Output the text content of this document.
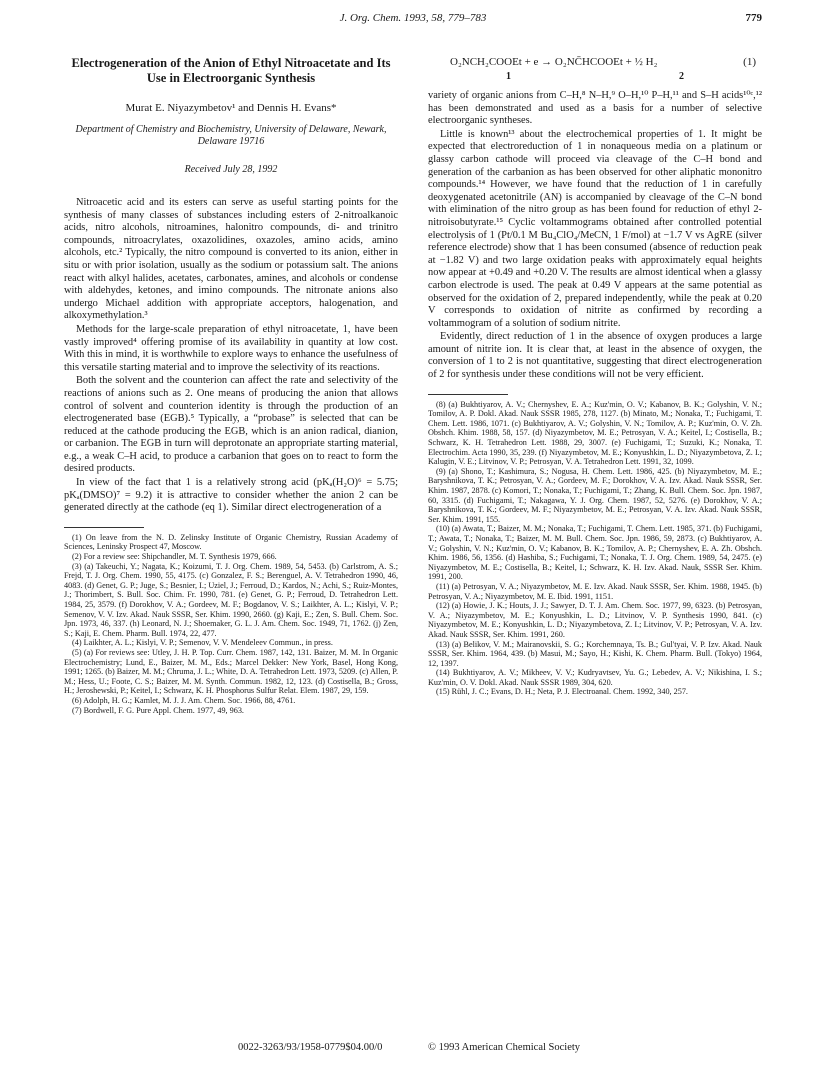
J. Org. Chem. 1993, 58, 779–783	779
Electrogeneration of the Anion of Ethyl Nitroacetate and Its Use in Electroorganic Synthesis
Murat E. Niyazymbetov¹ and Dennis H. Evans*
Department of Chemistry and Biochemistry, University of Delaware, Newark, Delaware 19716
Received July 28, 1992

Nitroacetic acid and its esters can serve as useful starting points for the synthesis of many classes of substances including esters of 2-nitroalkanoic acids, nitro alcohols, nitroamines, halonitro compounds, di- and trinitro compounds, nitroacrylates, oxazolidines, oxazoles, amino acids, amino alcohols, etc.² Typically, the nitro compound is converted to its anion, either in situ or with prior isolation, usually as the sodium or potassium salt. The anions react with alkyl halides, acetates, carbonates, amines, and alcohols or condense with aldehydes, ketones, and imino compounds. The nitronate anions also undergo Michael addition with appropriate acceptors, halogenation, and alkoxymethylation.³

Methods for the large-scale preparation of ethyl nitroacetate, 1, have been vastly improved⁴ offering promise of its availability in quantity at low cost. With this in mind, it is worthwhile to explore ways to enhance the usefulness of this versatile starting material and to improve the selectivity of its reactions.

Both the solvent and the counterion can affect the rate and selectivity of the reactions of anions such as 2. One means of producing the anion that allows control of solvent and counterion identity is through the production of an electrogenerated base (EGB).⁵ Typically, a “probase” is selected that can be reduced at the cathode producing the EGB, which is an anion radical, dianion, or carbanion. The EGB in turn will deprotonate an appropriate starting material, e.g., a weak C–H acid, to produce a carbanion that goes on to react to form the desired products.

In view of the fact that 1 is a relatively strong acid (pKₐ(H₂O)⁶ = 5.75; pKₐ(DMSO)⁷ = 9.2) it is attractive to consider whether the anion 2 can be generated directly at the cathode (eq 1). Similar direct electrogeneration of a

(1) On leave from the N. D. Zelinsky Institute of Organic Chemistry, Russian Academy of Sciences, Leninsky Prospect 47, Moscow.

(2) For a review see: Shipchandler, M. T. Synthesis 1979, 666.

(3) (a) Takeuchi, Y.; Nagata, K.; Koizumi, T. J. Org. Chem. 1989, 54, 5453. (b) Carlstrom, A. S.; Frejd, T. J. Org. Chem. 1990, 55, 4175. (c) Gonzalez, F. S.; Berenguel, A. V. Tetrahedron 1990, 46, 4083. (d) Genet, G. P.; Juge, S.; Besnier, I.; Uziel, J.; Ferroud, D.; Kardos, N.; Achi, S.; Ruiz-Montes, J.; Thorimbert, S. Bull. Soc. Chim. Fr. 1990, 781. (e) Genet, G. P.; Ferroud, D. Tetrahedron Lett. 1984, 25, 3579. (f) Dorokhov, V. A.; Gordeev, M. F.; Bogdanov, V. S.; Laikhter, A. L.; Kislyi, V. P.; Semenov, V. V. Izv. Akad. Nauk SSSR, Ser. Khim. 1990, 2660. (g) Kaji, E.; Zen, S. Bull. Chem. Soc. Jpn. 1973, 46, 337. (h) Leonard, N. J.; Shoemaker, G. L. J. Am. Chem. Soc. 1949, 71, 1762. (j) Zen, S.; Kaji, E. Chem. Pharm. Bull. 1974, 22, 477.

(4) Laikhter, A. L.; Kislyi, V. P.; Semenov, V. V. Mendeleev Commun., in press.

(5) (a) For reviews see: Utley, J. H. P. Top. Curr. Chem. 1987, 142, 131. Baizer, M. M. In Organic Electrochemistry; Lund, E., Baizer, M. M., Eds.; Marcel Dekker: New York, Basel, Hong Kong, 1991; 1265. (b) Baizer, M. M.; Chruma, J. L.; White, D. A. Tetrahedron Lett. 1973, 5209. (c) Allen, P. M.; Hess, U.; Foote, C. S.; Baizer, M. M. Synth. Commun. 1982, 12, 123. (d) Costisella, B.; Gross, H.; Jeroshewski, P.; Keitel, I.; Schwarz, K. H. Phosphorus Sulfur Relat. Elem. 1987, 29, 159.

(6) Adolph, H. G.; Kamlet, M. J. J. Am. Chem. Soc. 1966, 88, 4761.

(7) Bordwell, F. G. Pure Appl. Chem. 1977, 49, 963.

O₂NCH₂COOEt + e → O₂NC̄HCOOEt + ½ H₂	(1)
1	2

variety of organic anions from C–H,⁸ N–H,⁹ O–H,¹⁰ P–H,¹¹ and S–H acids¹⁰ᶜ,¹² has been demonstrated and used as a basis for a number of selective electroorganic syntheses.

Little is known¹³ about the electrochemical properties of 1. It might be expected that electroreduction of 1 in nonaqueous media on a platinum or glassy carbon cathode will proceed via cleavage of the C–H bond and generation of the carbanion as has been observed for other aliphatic mononitro compounds.¹⁴ However, we have found that the reduction of 1 in carefully deoxygenated acetonitrile (AN) is accompanied by cleavage of the C–N bond with elimination of the nitro group as has been found for reduction of ethyl 2-nitroisobutyrate.¹⁵ Cyclic voltammograms obtained after controlled potential electrolysis of 1 (Pt/0.1 M Bu₄ClO₄/MeCN, 1 F/mol) at −1.7 V vs AgRE (silver reference electrode) show that 1 has been consumed (absence of reduction peak at −1.82 V) and two large oxidation peaks with approximately equal heights now appear at +0.49 and +0.20 V. The results are almost identical when a glassy carbon electrode is used. The peak at 0.49 V appears at the same potential as observed for the oxidation of 2, prepared independently, while the peak at 0.20 V corresponds to oxidation of nitrite as confirmed by recording a voltammogram of a solution of sodium nitrite.

Evidently, direct reduction of 1 in the absence of oxygen produces a large amount of nitrite ion. It is clear that, at least in the absence of oxygen, the conversion of 1 to 2 is not quantitative, suggesting that direct electrogeneration of 2 for synthesis under these conditions will not be very efficient.

(8) (a) Bukhtiyarov, A. V.; Chernyshev, E. A.; Kuz'min, O. V.; Kabanov, B. K.; Golyshin, V. N.; Tomilov, A. P. Dokl. Akad. Nauk SSSR 1985, 278, 1127. (b) Minato, M.; Nonaka, T.; Fuchigami, T. Chem. Lett. 1986, 1071. (c) Bukhtiyarov, A. V.; Golyshin, V. N.; Tomilov, A. P.; Kuz'min, O. V. Zh. Obshch. Khim. 1988, 58, 157. (d) Niyazymbetov, M. E.; Petrosyan, V. A.; Keitel, I.; Costisella, B.; Schwarz, K. H. Tetrahedron Lett. 1988, 29, 3007. (e) Fuchigami, T.; Suzuki, K.; Nonaka, T. Electrochim. Acta 1990, 35, 239. (f) Niyazymbetov, M. E.; Konyushkin, L. D.; Niyazymbetova, Z. I.; Kalugin, V. E.; Litvinov, V. P.; Petrosyan, V. A. Tetrahedron Lett. 1991, 32, 1099.

(9) (a) Shono, T.; Kashimura, S.; Nogusa, H. Chem. Lett. 1986, 425. (b) Niyazymbetov, M. E.; Baryshnikova, T. K.; Petrosyan, V. A.; Gordeev, M. F.; Dorokhov, V. A. Izv. Akad. Nauk SSSR, Ser. Khim. 1987, 2878. (c) Komori, T.; Nonaka, T.; Fuchigami, T.; Zhang, K. Bull. Chem. Soc. Jpn. 1987, 60, 3315. (d) Fuchigami, T.; Nakagawa, Y. J. Org. Chem. 1987, 52, 5276. (e) Dorokhov, V. A.; Baryshnikova, T. K.; Gordeev, M. F.; Niyazymbetov, M. E.; Petrosyan, V. A. Izv. Akad. Nauk SSSR, Ser. Khim. 1991, 155.

(10) (a) Awata, T.; Baizer, M. M.; Nonaka, T.; Fuchigami, T. Chem. Lett. 1985, 371. (b) Fuchigami, T.; Awata, T.; Nonaka, T.; Baizer, M. M. Bull. Chem. Soc. Jpn. 1986, 59, 2873. (c) Bukhtiyarov, A. V.; Golyshin, V. N.; Kuz'min, O. V.; Kabanov, B. K.; Tomilov, A. P.; Chernyshev, E. A. Zh. Obshch. Khim. 1986, 56, 1356. (d) Hashiba, S.; Fuchigami, T.; Nonaka, T. J. Org. Chem. 1989, 54, 2475. (e) Niyazymbetov, M. E.; Costisella, B.; Keitel, I.; Schwarz, K. H. Izv. Akad. Nauk, SSSR Ser. Khim. 1991, 200.

(11) (a) Petrosyan, V. A.; Niyazymbetov, M. E. Izv. Akad. Nauk SSSR, Ser. Khim. 1988, 1945. (b) Petrosyan, V. A.; Niyazymbetov, M. E. Ibid. 1991, 1151.

(12) (a) Howie, J. K.; Houts, J. J.; Sawyer, D. T. J. Am. Chem. Soc. 1977, 99, 6323. (b) Petrosyan, V. A.; Niyazymbetov, M. E.; Konyushkin, L. D.; Litvinov, V. P. Synthesis 1990, 841. (c) Niyazymbetov, M. E.; Konyushkin, L. D.; Niyazymbetova, Z. I.; Litvinov, V. P.; Petrosyan, V. A. Izv. Akad. Nauk SSSR, Ser. Khim. 1991, 260.

(13) (a) Belikov, V. M.; Mairanovskii, S. G.; Korchemnaya, Ts. B.; Gul'tyai, V. P. Izv. Akad. Nauk SSSR, Ser. Khim. 1964, 439. (b) Masui, M.; Sayo, H.; Kishi, K. Chem. Pharm. Bull. (Tokyo) 1964, 12, 1397.

(14) Bukhtiyarov, A. V.; Mikheev, V. V.; Kudryavtsev, Yu. G.; Lebedev, A. V.; Nikishina, I. S.; Kuz'min, O. V. Dokl. Akad. Nauk SSSR 1989, 304, 620.

(15) Rühl, J. C.; Evans, D. H.; Neta, P. J. Electroanal. Chem. 1992, 340, 257.

0022-3263/93/1958-0779$04.00/0	© 1993 American Chemical Society
